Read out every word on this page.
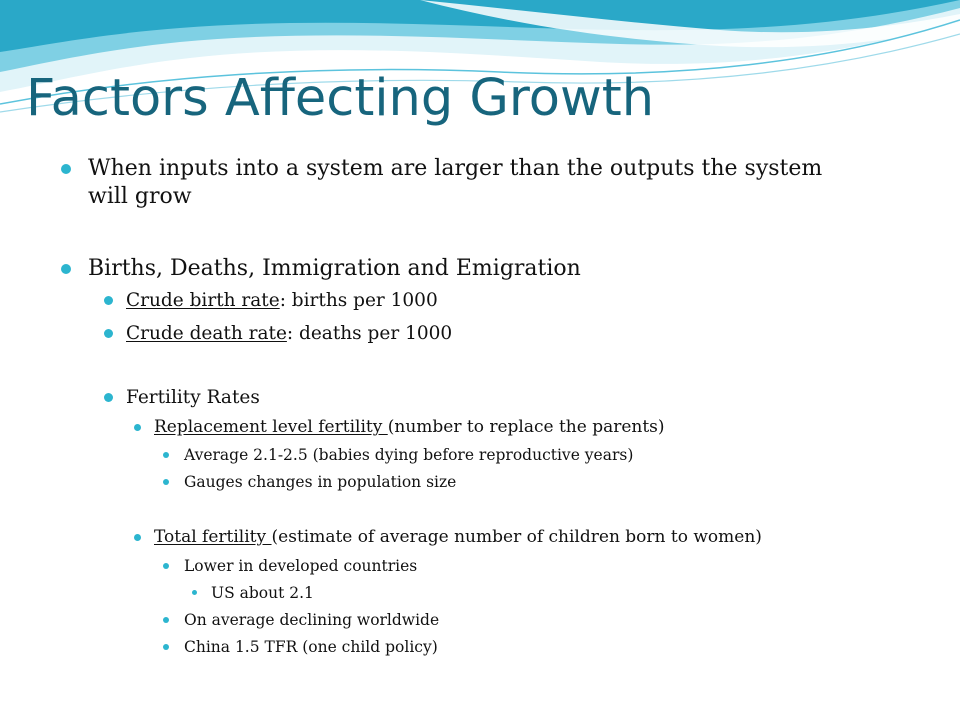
Factors Affecting Growth
When inputs into a system are larger than the outputs the system will grow
Births, Deaths, Immigration and Emigration
Crude birth rate: births per 1000
Crude death rate: deaths per 1000
Fertility Rates
Replacement level fertility (number to replace the parents)
Average 2.1-2.5 (babies dying before reproductive years)
Gauges changes in population size
Total fertility (estimate of average number of children born to women)
Lower in developed countries
US about 2.1
On average declining worldwide
China 1.5 TFR (one child policy)
